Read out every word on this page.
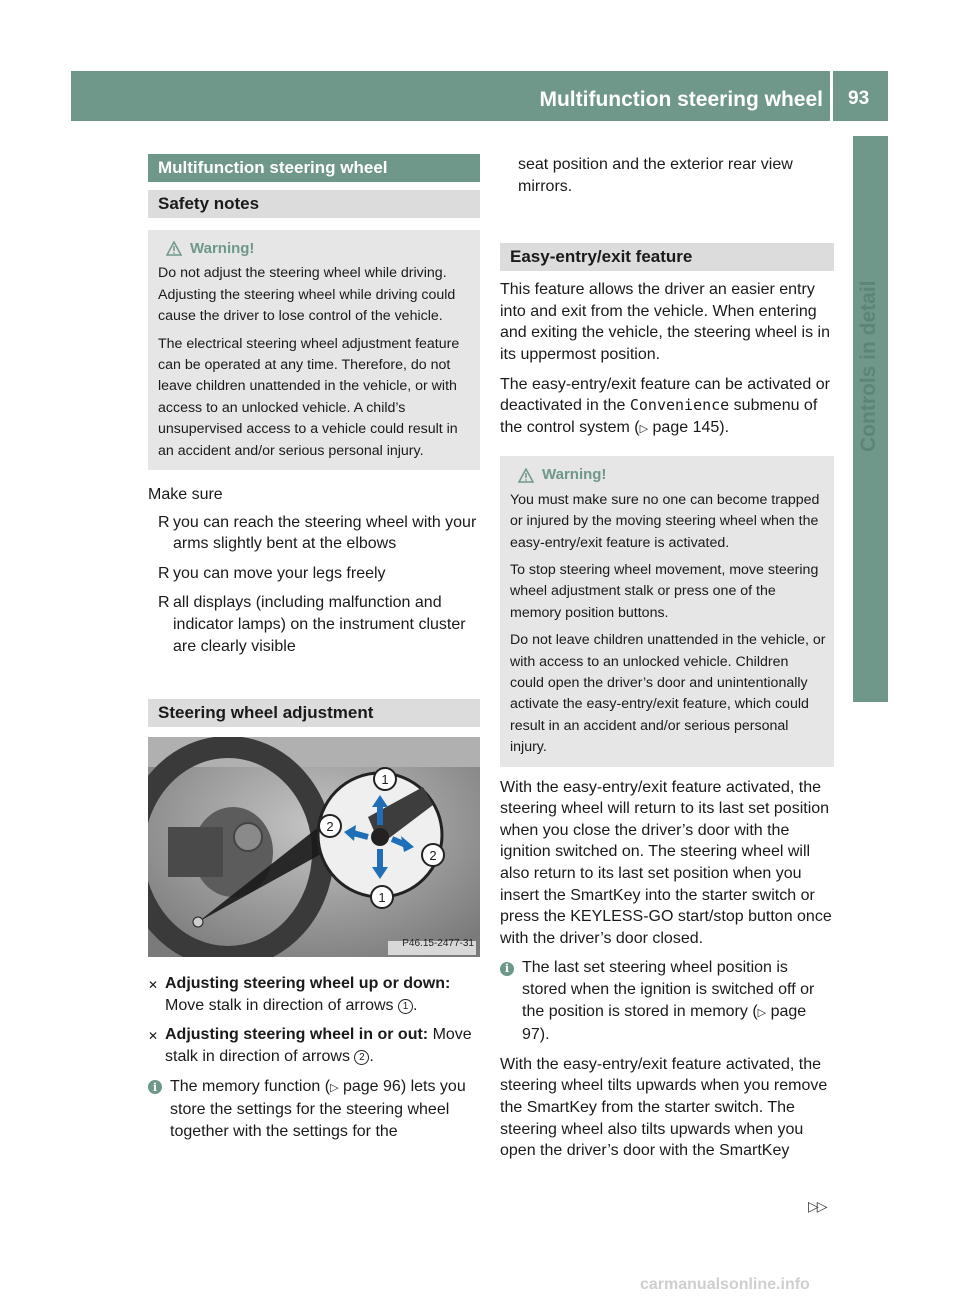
Multifunction steering wheel 93
Controls in detail
Multifunction steering wheel
Safety notes
Warning!

Do not adjust the steering wheel while driving. Adjusting the steering wheel while driving could cause the driver to lose control of the vehicle.

The electrical steering wheel adjustment feature can be operated at any time. Therefore, do not leave children unattended in the vehicle, or with access to an unlocked vehicle. A child’s unsupervised access to a vehicle could result in an accident and/or serious personal injury.

Make sure

R you can reach the steering wheel with your arms slightly bent at the elbows
R you can move your legs freely
R all displays (including malfunction and indicator lamps) on the instrument cluster are clearly visible
Steering wheel adjustment
1
2
2
1
P46.15-2477-31
✕ Adjusting steering wheel up or down: Move stalk in direction of arrows 1 .
✕ Adjusting steering wheel in or out: Move stalk in direction of arrows 2 .
i The memory function (▷ page 96) lets you store the settings for the steering wheel together with the settings for the

seat position and the exterior rear view mirrors.

Easy-entry/exit feature

This feature allows the driver an easier entry into and exit from the vehicle. When entering and exiting the vehicle, the steering wheel is in its uppermost position.

The easy-entry/exit feature can be activated or deactivated in the Convenience submenu of the control system (▷ page 145).

Warning!

You must make sure no one can become trapped or injured by the moving steering wheel when the easy-entry/exit feature is activated.

To stop steering wheel movement, move steering wheel adjustment stalk or press one of the memory position buttons.

Do not leave children unattended in the vehicle, or with access to an unlocked vehicle. Children could open the driver’s door and unintentionally activate the easy-entry/exit feature, which could result in an accident and/or serious personal injury.

With the easy-entry/exit feature activated, the steering wheel will return to its last set position when you close the driver’s door with the ignition switched on. The steering wheel will also return to its last set position when you insert the SmartKey into the starter switch or press the KEYLESS-GO start/stop button once with the driver’s door closed.

i The last set steering wheel position is stored when the ignition is switched off or the position is stored in memory (▷ page 97).

With the easy-entry/exit feature activated, the steering wheel tilts upwards when you remove the SmartKey from the starter switch. The steering wheel also tilts upwards when you open the driver’s door with the SmartKey

▷▷
carmanualsonline.info
